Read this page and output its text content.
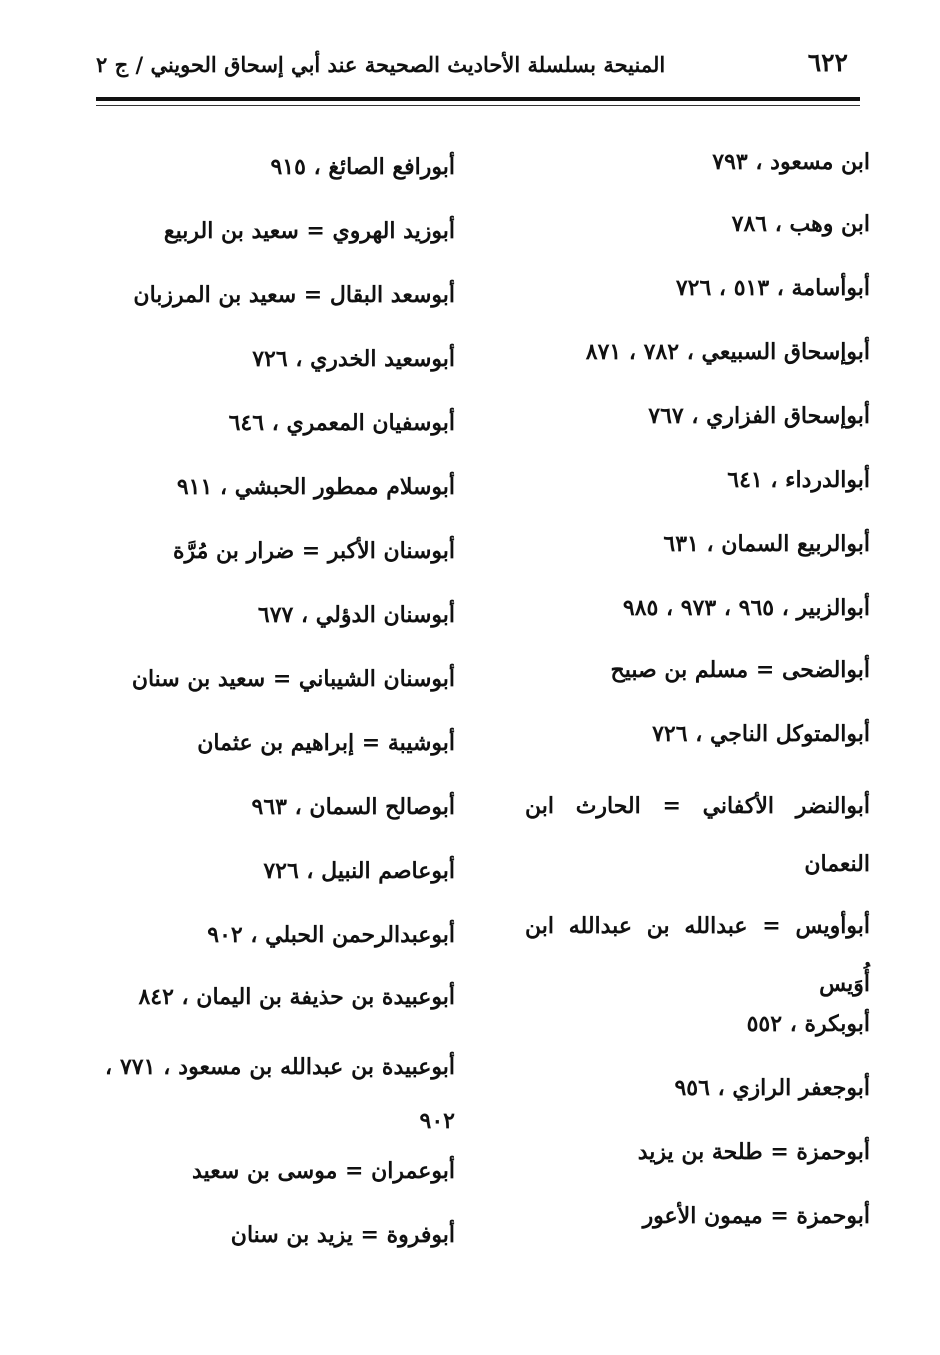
٦٢٢
المنيحة بسلسلة الأحاديث الصحيحة عند أبي إسحاق الحويني / ج ٢
ابن مسعود ، ٧٩٣
ابن وهب ، ٧٨٦
أبوأسامة ، ٥١٣ ، ٧٢٦
أبوإسحاق السبيعي ، ٧٨٢ ، ٨٧١
أبوإسحاق الفزاري ، ٧٦٧
أبوالدرداء ، ٦٤١
أبوالربيع السمان ، ٦٣١
أبوالزبير ، ٩٦٥ ، ٩٧٣ ، ٩٨٥
أبوالضحى = مسلم بن صبيح
أبوالمتوكل الناجي ، ٧٢٦
أبوالنضر الأكفاني = الحارث ابن النعمان
أبوأويس = عبدالله بن عبدالله ابن أُوَيس
أبوبكرة ، ٥٥٢
أبوجعفر الرازي ، ٩٥٦
أبوحمزة = طلحة بن يزيد
أبوحمزة = ميمون الأعور
أبورافع الصائغ ، ٩١٥
أبوزيد الهروي = سعيد بن الربيع
أبوسعد البقال = سعيد بن المرزبان
أبوسعيد الخدري ، ٧٢٦
أبوسفيان المعمري ، ٦٤٦
أبوسلام ممطور الحبشي ، ٩١١
أبوسنان الأكبر = ضرار بن مُرَّة
أبوسنان الدؤلي ، ٦٧٧
أبوسنان الشيباني = سعيد بن سنان
أبوشيبة = إبراهيم بن عثمان
أبوصالح السمان ، ٩٦٣
أبوعاصم النبيل ، ٧٢٦
أبوعبدالرحمن الحبلي ، ٩٠٢
أبوعبيدة بن حذيفة بن اليمان ، ٨٤٢
أبوعبيدة بن عبدالله بن مسعود ، ٧٧١ ، ٩٠٢
أبوعمران = موسى بن سعيد
أبوفروة = يزيد بن سنان
